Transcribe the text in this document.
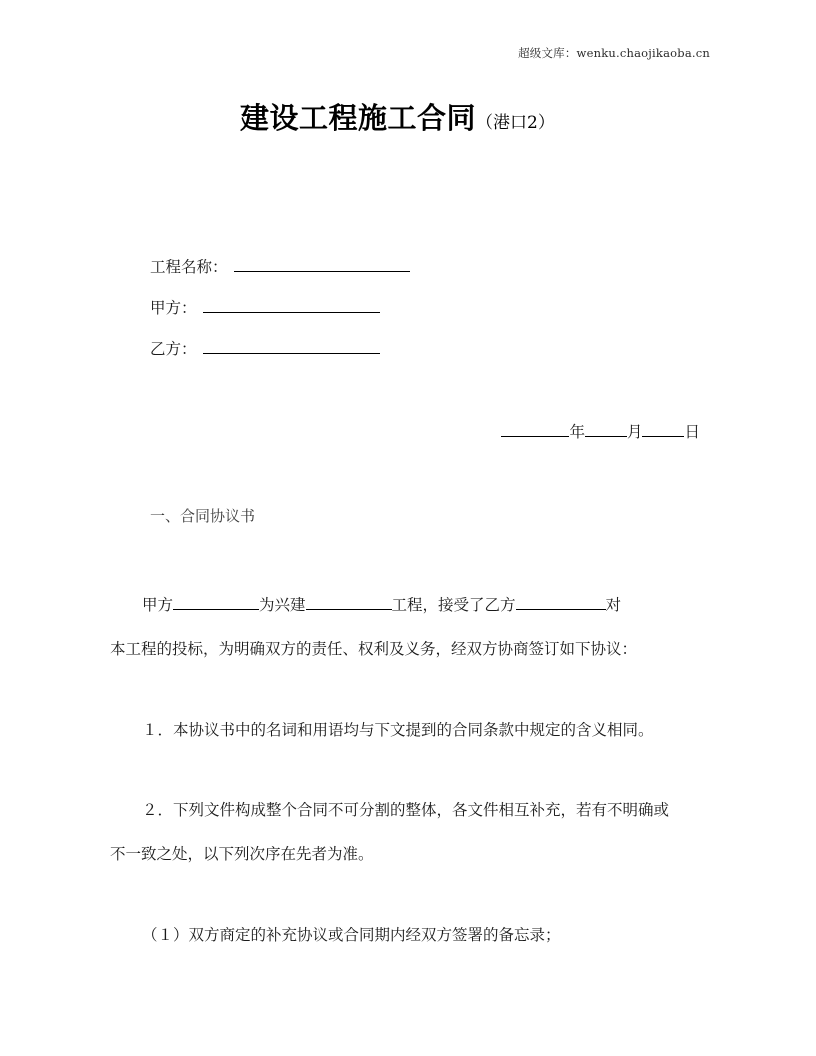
超级文库：wenku.chaojikaoba.cn
建设工程施工合同（港口2）
工程名称：
甲方：
乙方：
年	月	日
一、合同协议书
甲方	为兴建	工程，接受了乙方	对
本工程的投标，为明确双方的责任、权利及义务，经双方协商签订如下协议：
１．本协议书中的名词和用语均与下文提到的合同条款中规定的含义相同。
２．下列文件构成整个合同不可分割的整体，各文件相互补充，若有不明确或
不一致之处，以下列次序在先者为准。
（１）双方商定的补充协议或合同期内经双方签署的备忘录；
